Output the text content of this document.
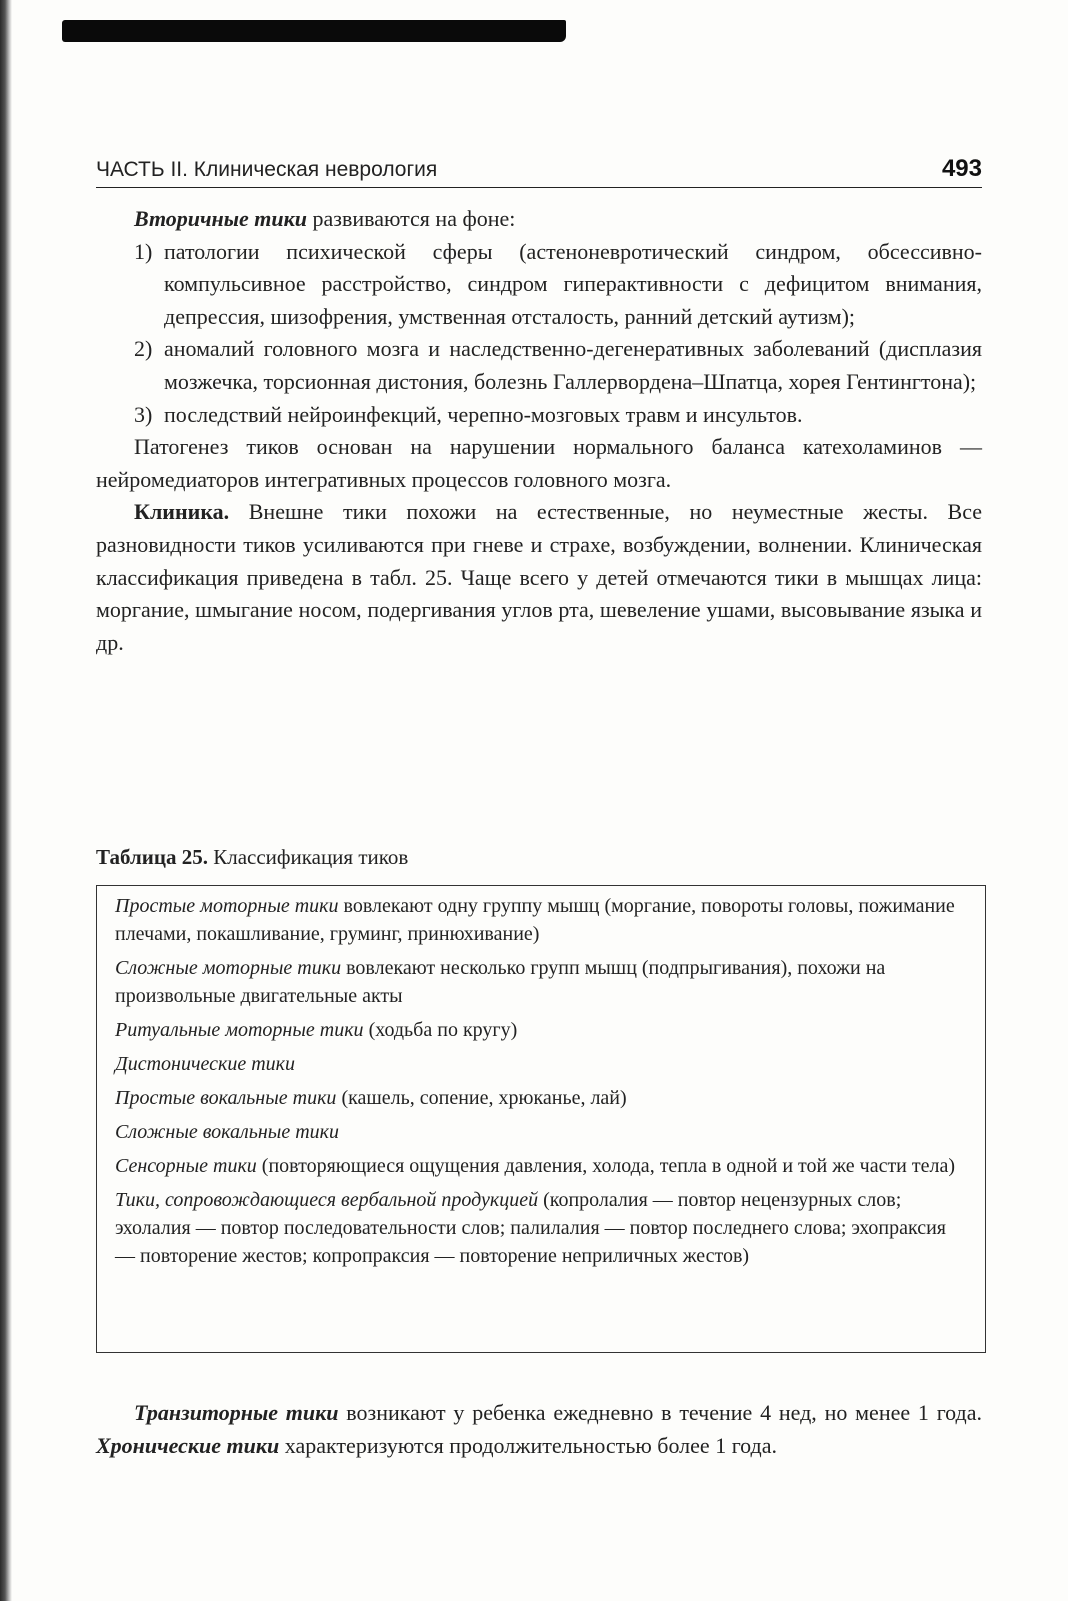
ЧАСТЬ II. Клиническая неврология	493

Вторичные тики развиваются на фоне:

1) патологии психической сферы (астеноневротический синдром, обсессивно-компульсивное расстройство, синдром гиперактивности с дефицитом внимания, депрессия, шизофрения, умственная отсталость, ранний детский аутизм);
2) аномалий головного мозга и наследственно-дегенеративных заболеваний (дисплазия мозжечка, торсионная дистония, болезнь Галлервордена–Шпатца, хорея Гентингтона);
3) последствий нейроинфекций, черепно-мозговых травм и инсультов.

Патогенез тиков основан на нарушении нормального баланса катехоламинов — нейромедиаторов интегративных процессов головного мозга.

Клиника. Внешне тики похожи на естественные, но неуместные жесты. Все разновидности тиков усиливаются при гневе и страхе, возбуждении, волнении. Клиническая классификация приведена в табл. 25. Чаще всего у детей отмечаются тики в мышцах лица: моргание, шмыгание носом, подергивания углов рта, шевеление ушами, высовывание языка и др.

Таблица 25. Классификация тиков
Простые моторные тики вовлекают одну группу мышц (моргание, повороты головы, пожимание плечами, покашливание, груминг, принюхивание)
Сложные моторные тики вовлекают несколько групп мышц (подпрыгивания), похожи на произвольные двигательные акты
Ритуальные моторные тики (ходьба по кругу)
Дистонические тики
Простые вокальные тики (кашель, сопение, хрюканье, лай)
Сложные вокальные тики
Сенсорные тики (повторяющиеся ощущения давления, холода, тепла в одной и той же части тела)
Тики, сопровождающиеся вербальной продукцией (копролалия — повтор нецензурных слов; эхолалия — повтор последовательности слов; палилалия — повтор последнего слова; эхопраксия — повторение жестов; копропраксия — повторение неприличных жестов)

Транзиторные тики возникают у ребенка ежедневно в течение 4 нед, но менее 1 года. Хронические тики характеризуются продолжительностью более 1 года.
